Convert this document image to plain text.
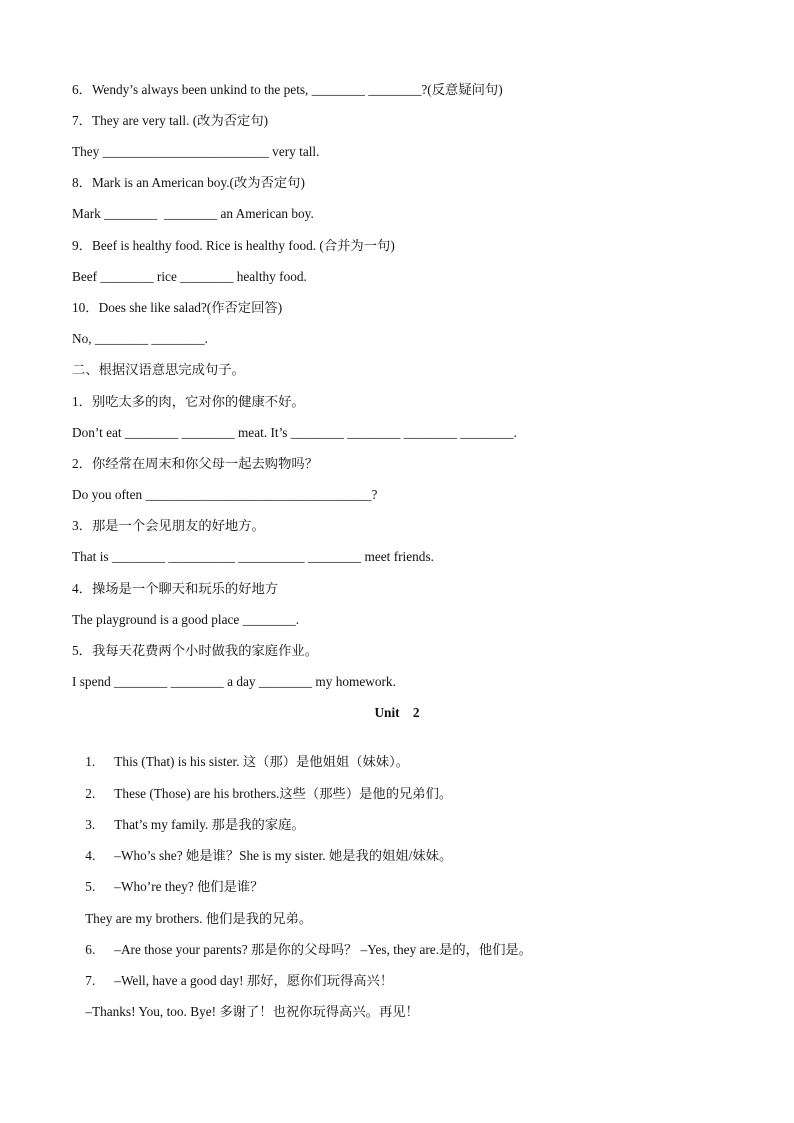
6．Wendy’s always been unkind to the pets, ________ ________?(反意疑问句)
7．They are very tall. (改为否定句)
They _________________________ very tall.
8．Mark is an American boy.(改为否定句)
Mark ________  ________ an American boy.
9．Beef is healthy food. Rice is healthy food. (合并为一句)
Beef ________ rice ________ healthy food.
10．Does she like salad?(作否定回答)
No, ________ ________.
二、根据汉语意思完成句子。
1．别吃太多的肉，它对你的健康不好。
Don’t eat ________ ________ meat. It’s ________ ________ ________ ________.
2．你经常在周末和你父母一起去购物吗？
Do you often __________________________________?
3．那是一个会见朋友的好地方。
That is ________ __________ __________ ________ meet friends.
4．操场是一个聊天和玩乐的好地方
The playground is a good place ________.
5．我每天花费两个小时做我的家庭作业。
I spend ________ ________ a day ________ my homework.
Unit    2

1. This (That) is his sister. 这（那）是他姐姐（妹妹）。

2. These (Those) are his brothers.这些（那些）是他的兄弟们。

3. That’s my family. 那是我的家庭。

4. –Who’s she? 她是谁？She is my sister. 她是我的姐姐/妹妹。

5. –Who’re they? 他们是谁？

They are my brothers. 他们是我的兄弟。

6. –Are those your parents? 那是你的父母吗？ –Yes, they are.是的，他们是。

7. –Well, have a good day! 那好，愿你们玩得高兴！

–Thanks! You, too. Bye! 多谢了！也祝你玩得高兴。再见！
